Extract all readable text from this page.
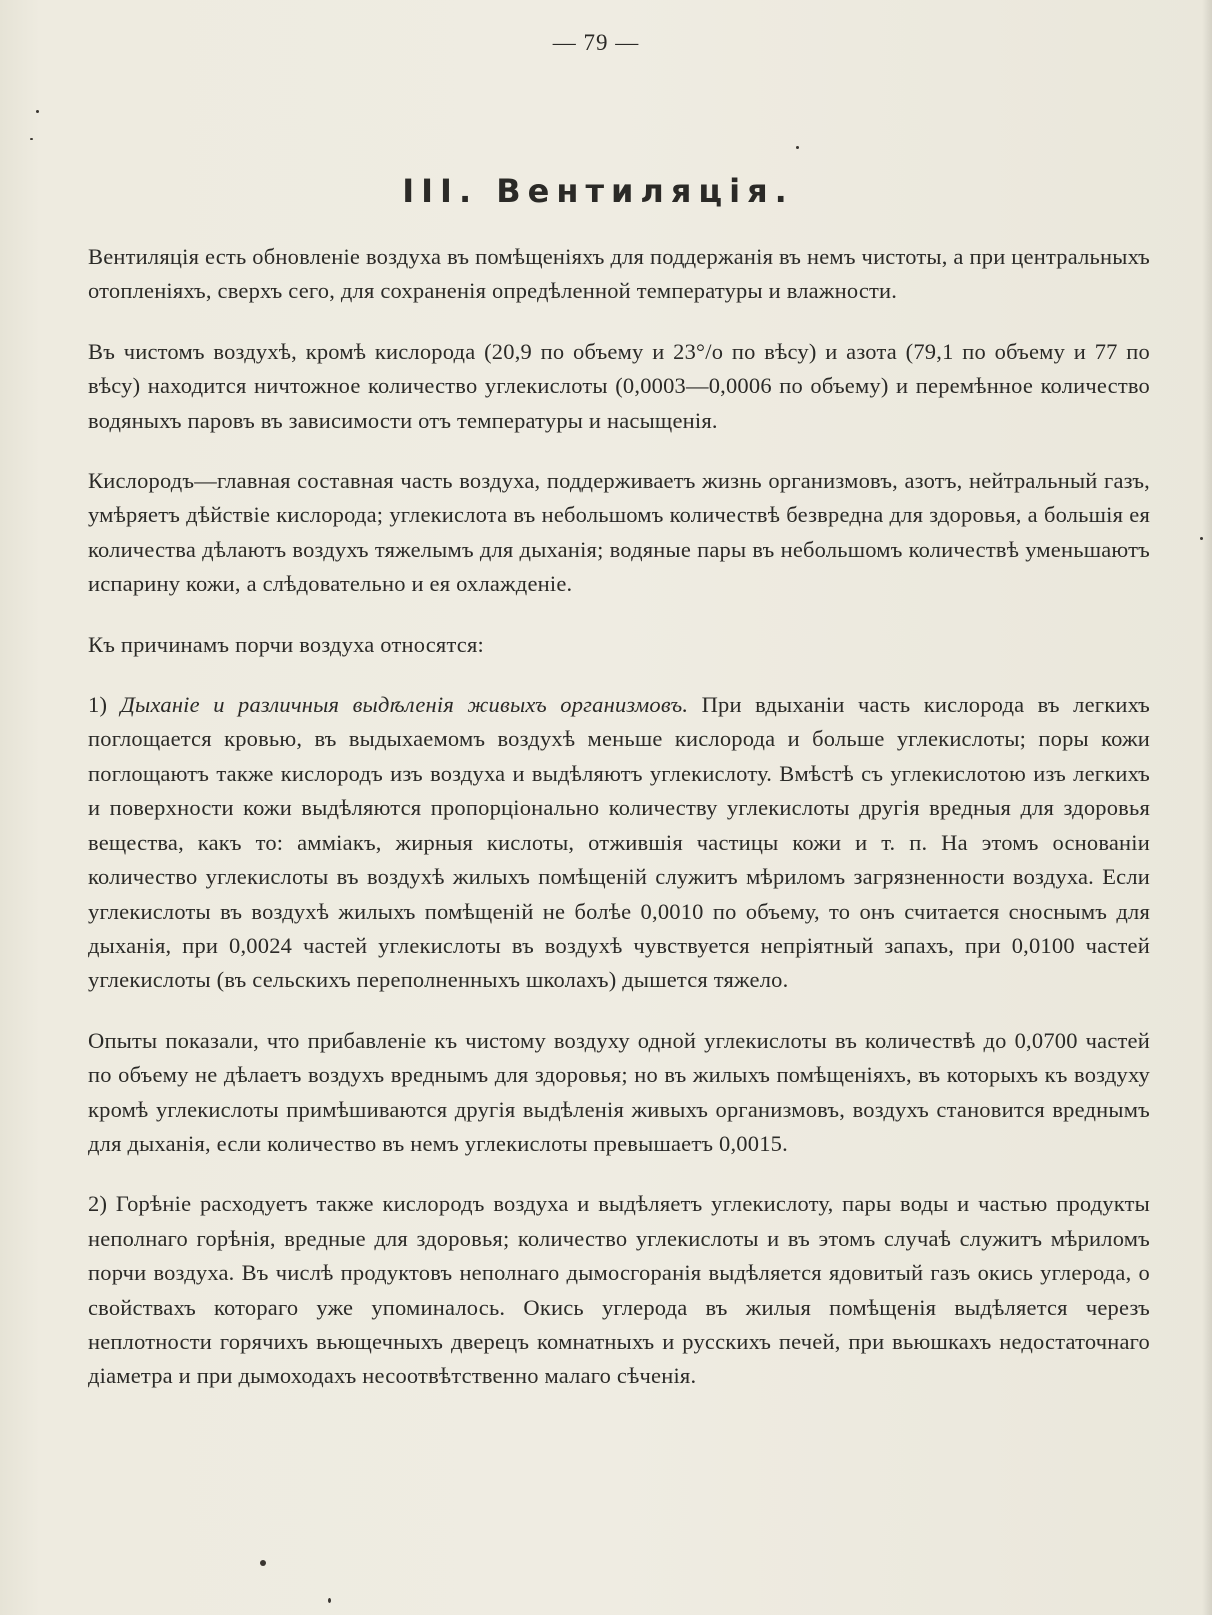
— 79 —
III. Вентиляція.

Вентиляція есть обновленіе воздуха въ помѣщеніяхъ для поддержанія въ немъ чистоты, а при центральныхъ отопленіяхъ, сверхъ сего, для сохраненія опредѣленной температуры и влажности.

Въ чистомъ воздухѣ, кромѣ кислорода (20,9 по объему и 23°/о по вѣсу) и азота (79,1 по объему и 77 по вѣсу) находится ничтожное количество углекислоты (0,0003—0,0006 по объему) и перемѣнное количество водяныхъ паровъ въ зависимости отъ температуры и насыщенія.

Кислородъ—главная составная часть воздуха, поддерживаетъ жизнь организмовъ, азотъ, нейтральный газъ, умѣряетъ дѣйствіе кислорода; углекислота въ небольшомъ количествѣ безвредна для здоровья, а большія ея количества дѣлаютъ воздухъ тяжелымъ для дыханія; водяные пары въ небольшомъ количествѣ уменьшаютъ испарину кожи, а слѣдовательно и ея охлажденіе.

Къ причинамъ порчи воздуха относятся:

1) Дыханіе и различныя выдѣленія живыхъ организмовъ. При вдыханіи часть кислорода въ легкихъ поглощается кровью, въ выдыхаемомъ воздухѣ меньше кислорода и больше углекислоты; поры кожи поглощаютъ также кислородъ изъ воздуха и выдѣляютъ углекислоту. Вмѣстѣ съ углекислотою изъ легкихъ и поверхности кожи выдѣляются пропорціонально количеству углекислоты другія вредныя для здоровья вещества, какъ то: амміакъ, жирныя кислоты, отжившія частицы кожи и т. п. На этомъ основаніи количество углекислоты въ воздухѣ жилыхъ помѣщеній служитъ мѣриломъ загрязненности воздуха. Если углекислоты въ воздухѣ жилыхъ помѣщеній не болѣе 0,0010 по объему, то онъ считается сноснымъ для дыханія, при 0,0024 частей углекислоты въ воздухѣ чувствуется непріятный запахъ, при 0,0100 частей углекислоты (въ сельскихъ переполненныхъ школахъ) дышется тяжело.

Опыты показали, что прибавленіе къ чистому воздуху одной углекислоты въ количествѣ до 0,0700 частей по объему не дѣлаетъ воздухъ вреднымъ для здоровья; но въ жилыхъ помѣщеніяхъ, въ которыхъ къ воздуху кромѣ углекислоты примѣшиваются другія выдѣленія живыхъ организмовъ, воздухъ становится вреднымъ для дыханія, если количество въ немъ углекислоты превышаетъ 0,0015.

2) Горѣніе расходуетъ также кислородъ воздуха и выдѣляетъ углекислоту, пары воды и частью продукты неполнаго горѣнія, вредные для здоровья; количество углекислоты и въ этомъ случаѣ служитъ мѣриломъ порчи воздуха. Въ числѣ продуктовъ неполнаго дымосгоранія выдѣляется ядовитый газъ окись углерода, о свойствахъ котораго уже упоминалось. Окись углерода въ жилыя помѣщенія выдѣляется черезъ неплотности горячихъ вьющечныхъ дверецъ комнатныхъ и русскихъ печей, при вьюшкахъ недостаточнаго діаметра и при дымоходахъ несоотвѣтственно малаго сѣченія.
